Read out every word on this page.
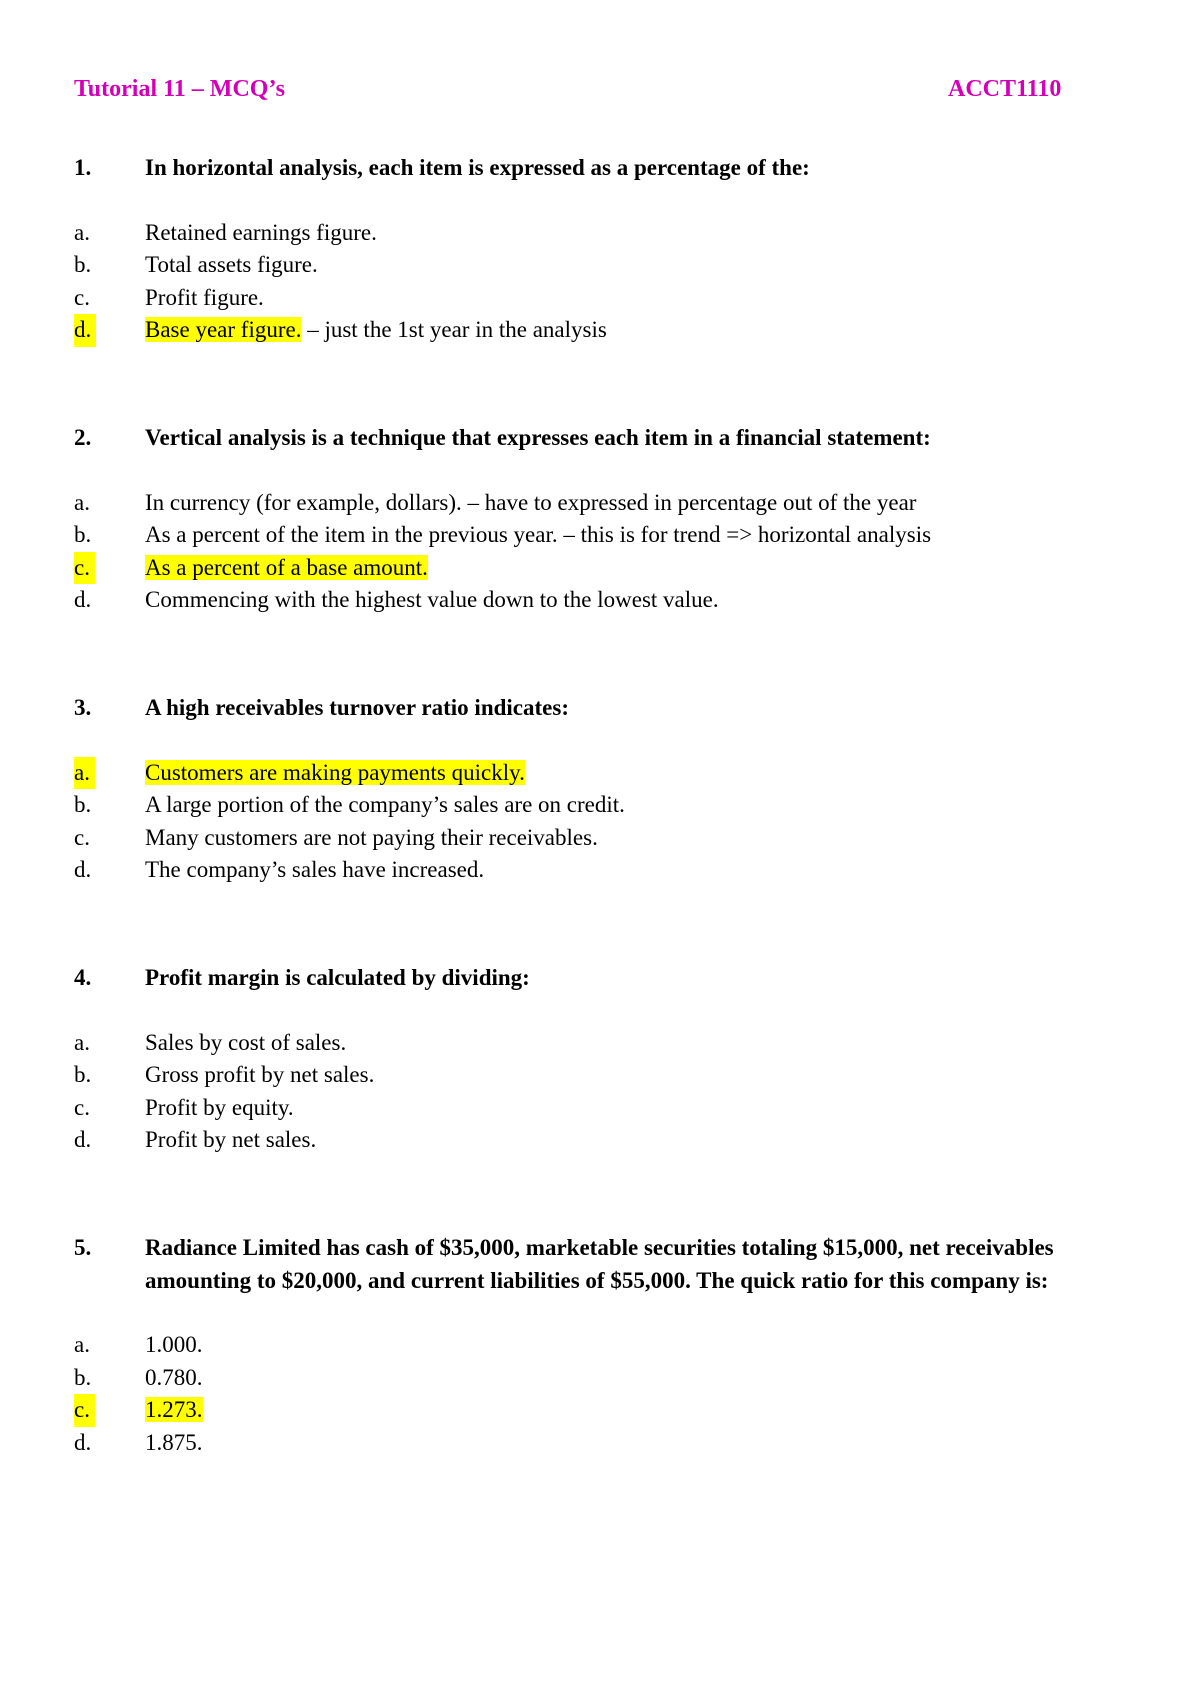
Tutorial 11 – MCQ’s	ACCT1110
1. In horizontal analysis, each item is expressed as a percentage of the:
a. Retained earnings figure.
b. Total assets figure.
c. Profit figure.
d. Base year figure. – just the 1st year in the analysis
2. Vertical analysis is a technique that expresses each item in a financial statement:
a. In currency (for example, dollars). – have to expressed in percentage out of the year
b. As a percent of the item in the previous year. – this is for trend => horizontal analysis
c. As a percent of a base amount.
d. Commencing with the highest value down to the lowest value.
3. A high receivables turnover ratio indicates:
a. Customers are making payments quickly.
b. A large portion of the company’s sales are on credit.
c. Many customers are not paying their receivables.
d. The company’s sales have increased.
4. Profit margin is calculated by dividing:
a. Sales by cost of sales.
b. Gross profit by net sales.
c. Profit by equity.
d. Profit by net sales.
5. Radiance Limited has cash of $35,000, marketable securities totaling $15,000, net receivables amounting to $20,000, and current liabilities of $55,000. The quick ratio for this company is:
a. 1.000.
b. 0.780.
c. 1.273.
d. 1.875.
